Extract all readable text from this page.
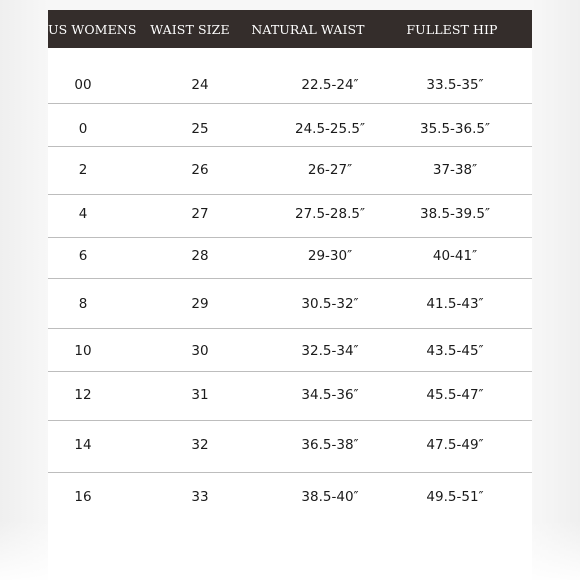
US WOMENS	WAIST SIZE	NATURAL WAIST	FULLEST HIP
00	24	22.5-24″	33.5-35″
0	25	24.5-25.5″	35.5-36.5″
2	26	26-27″	37-38″
4	27	27.5-28.5″	38.5-39.5″
6	28	29-30″	40-41″
8	29	30.5-32″	41.5-43″
10	30	32.5-34″	43.5-45″
12	31	34.5-36″	45.5-47″
14	32	36.5-38″	47.5-49″
16	33	38.5-40″	49.5-51″
